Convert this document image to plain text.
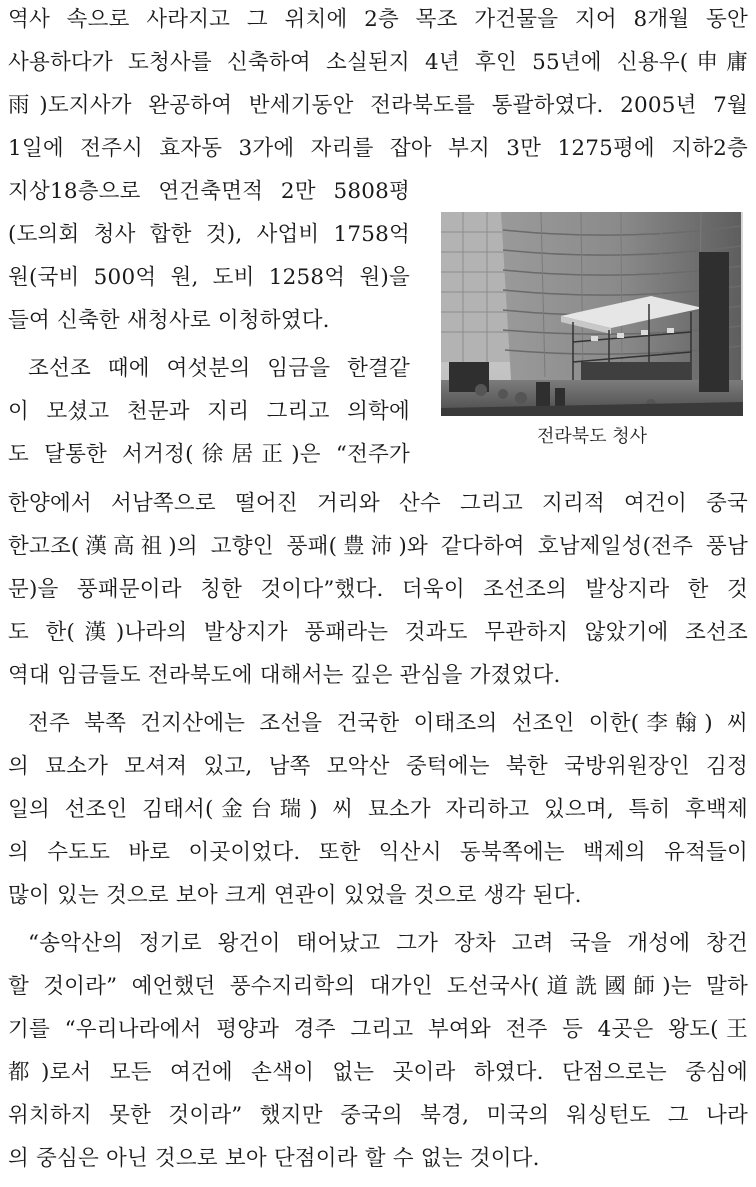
역사 속으로 사라지고 그 위치에 2층 목조 가건물을 지어 8개월 동안
사용하다가 도청사를 신축하여 소실된지 4년 후인 55년에 신용우(申庸
雨)도지사가 완공하여 반세기동안 전라북도를 통괄하였다. 2005년 7월
1일에 전주시 효자동 3가에 자리를 잡아 부지 3만 1275평에 지하2층
지상18층으로 연건축면적 2만 5808평
(도의회 청사 합한 것), 사업비 1758억
원(국비 500억 원, 도비 1258억 원)을
들여 신축한 새청사로 이청하였다.
조선조 때에 여섯분의 임금을 한결같
이 모셨고 천문과 지리 그리고 의학에
도 달통한 서거정(徐居正)은 “전주가
한양에서 서남쪽으로 떨어진 거리와 산수 그리고 지리적 여건이 중국
한고조(漢高祖)의 고향인 풍패(豊沛)와 같다하여 호남제일성(전주 풍남
문)을 풍패문이라 칭한 것이다”했다. 더욱이 조선조의 발상지라 한 것
도 한(漢)나라의 발상지가 풍패라는 것과도 무관하지 않았기에 조선조
역대 임금들도 전라북도에 대해서는 깊은 관심을 가졌었다.
전주 북쪽 건지산에는 조선을 건국한 이태조의 선조인 이한(李翰) 씨
의 묘소가 모셔져 있고, 남쪽 모악산 중턱에는 북한 국방위원장인 김정
일의 선조인 김태서(金台瑞) 씨 묘소가 자리하고 있으며, 특히 후백제
의 수도도 바로 이곳이었다. 또한 익산시 동북쪽에는 백제의 유적들이
많이 있는 것으로 보아 크게 연관이 있었을 것으로 생각 된다.
“송악산의 정기로 왕건이 태어났고 그가 장차 고려 국을 개성에 창건
할 것이라” 예언했던 풍수지리학의 대가인 도선국사(道詵國師)는 말하
기를 “우리나라에서 평양과 경주 그리고 부여와 전주 등 4곳은 왕도(王
都)로서 모든 여건에 손색이 없는 곳이라 하였다. 단점으로는 중심에
위치하지 못한 것이라” 했지만 중국의 북경, 미국의 워싱턴도 그 나라
의 중심은 아닌 것으로 보아 단점이라 할 수 없는 것이다.
전라북도 청사
